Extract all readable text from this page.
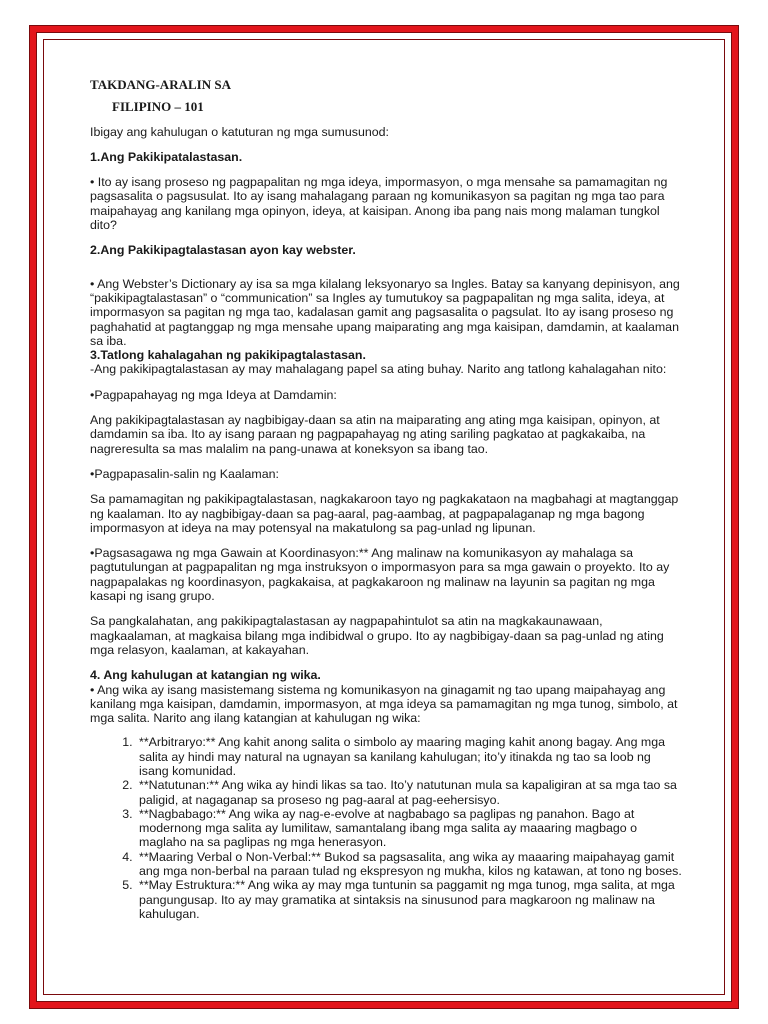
TAKDANG-ARALIN SA

FILIPINO – 101

Ibigay ang kahulugan o katuturan ng mga sumusunod:

1.Ang Pakikipatalastasan.

• Ito ay isang proseso ng pagpapalitan ng mga ideya, impormasyon, o mga mensahe sa pamamagitan ng pagsasalita o pagsusulat. Ito ay isang mahalagang paraan ng komunikasyon sa pagitan ng mga tao para maipahayag ang kanilang mga opinyon, ideya, at kaisipan. Anong iba pang nais mong malaman tungkol dito?

2.Ang Pakikipagtalastasan ayon kay webster.

• Ang Webster’s Dictionary ay isa sa mga kilalang leksyonaryo sa Ingles. Batay sa kanyang depinisyon, ang “pakikipagtalastasan” o “communication” sa Ingles ay tumutukoy sa pagpapalitan ng mga salita, ideya, at impormasyon sa pagitan ng mga tao, kadalasan gamit ang pagsasalita o pagsulat. Ito ay isang proseso ng paghahatid at pagtanggap ng mga mensahe upang maiparating ang mga kaisipan, damdamin, at kaalaman sa iba.

3.Tatlong kahalagahan ng pakikipagtalastasan.

-Ang pakikipagtalastasan ay may mahalagang papel sa ating buhay. Narito ang tatlong kahalagahan nito:

•Pagpapahayag ng mga Ideya at Damdamin:

Ang pakikipagtalastasan ay nagbibigay-daan sa atin na maiparating ang ating mga kaisipan, opinyon, at damdamin sa iba. Ito ay isang paraan ng pagpapahayag ng ating sariling pagkatao at pagkakaiba, na nagreresulta sa mas malalim na pang-unawa at koneksyon sa ibang tao.

•Pagpapasalin-salin ng Kaalaman:

Sa pamamagitan ng pakikipagtalastasan, nagkakaroon tayo ng pagkakataon na magbahagi at magtanggap ng kaalaman. Ito ay nagbibigay-daan sa pag-aaral, pag-aambag, at pagpapalaganap ng mga bagong impormasyon at ideya na may potensyal na makatulong sa pag-unlad ng lipunan.

•Pagsasagawa ng mga Gawain at Koordinasyon:** Ang malinaw na komunikasyon ay mahalaga sa pagtutulungan at pagpapalitan ng mga instruksyon o impormasyon para sa mga gawain o proyekto. Ito ay nagpapalakas ng koordinasyon, pagkakaisa, at pagkakaroon ng malinaw na layunin sa pagitan ng mga kasapi ng isang grupo.

Sa pangkalahatan, ang pakikipagtalastasan ay nagpapahintulot sa atin na magkakaunawaan, magkaalaman, at magkaisa bilang mga indibidwal o grupo. Ito ay nagbibigay-daan sa pag-unlad ng ating mga relasyon, kaalaman, at kakayahan.

4. Ang kahulugan at katangian ng wika.

• Ang wika ay isang masistemang sistema ng komunikasyon na ginagamit ng tao upang maipahayag ang kanilang mga kaisipan, damdamin, impormasyon, at mga ideya sa pamamagitan ng mga tunog, simbolo, at mga salita. Narito ang ilang katangian at kahulugan ng wika:

1. **Arbitraryo:** Ang kahit anong salita o simbolo ay maaring maging kahit anong bagay. Ang mga salita ay hindi may natural na ugnayan sa kanilang kahulugan; ito’y itinakda ng tao sa loob ng isang komunidad.
2. **Natutunan:** Ang wika ay hindi likas sa tao. Ito’y natutunan mula sa kapaligiran at sa mga tao sa paligid, at nagaganap sa proseso ng pag-aaral at pag-eehersisyo.
3. **Nagbabago:** Ang wika ay nag-e-evolve at nagbabago sa paglipas ng panahon. Bago at modernong mga salita ay lumilitaw, samantalang ibang mga salita ay maaaring magbago o maglaho na sa paglipas ng mga henerasyon.
4. **Maaring Verbal o Non-Verbal:** Bukod sa pagsasalita, ang wika ay maaaring maipahayag gamit ang mga non-berbal na paraan tulad ng ekspresyon ng mukha, kilos ng katawan, at tono ng boses.
5. **May Estruktura:** Ang wika ay may mga tuntunin sa paggamit ng mga tunog, mga salita, at mga pangungusap. Ito ay may gramatika at sintaksis na sinusunod para magkaroon ng malinaw na kahulugan.
